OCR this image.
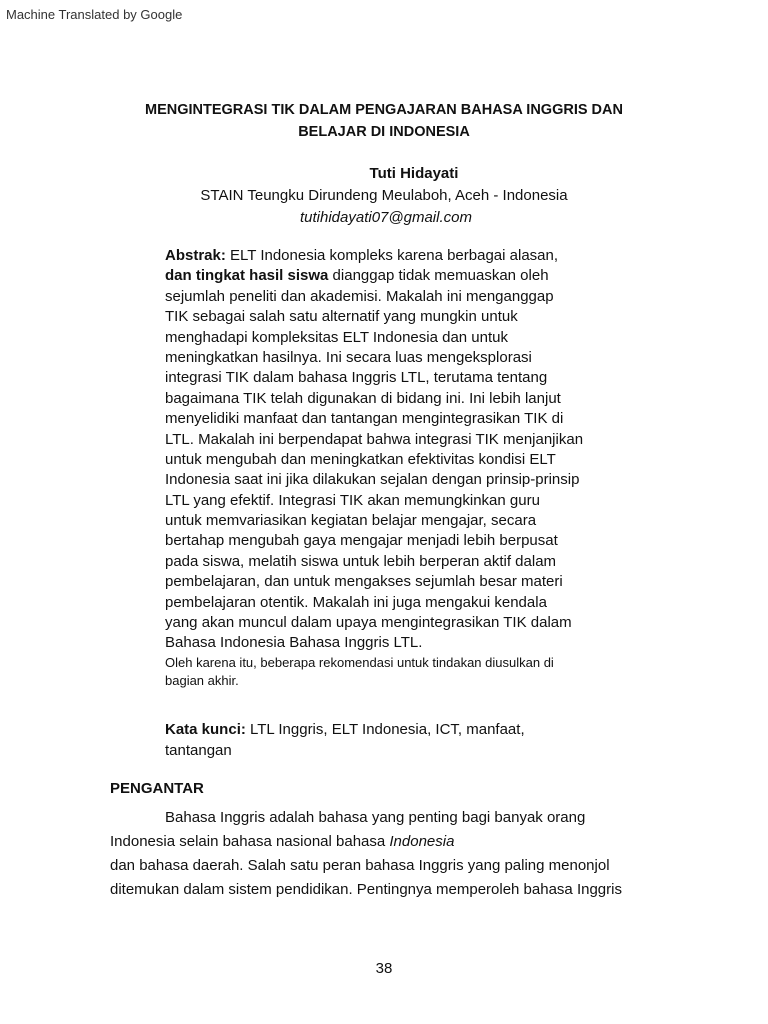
Machine Translated by Google
MENGINTEGRASI TIK DALAM PENGAJARAN BAHASA INGGRIS DAN
BELAJAR DI INDONESIA
Tuti Hidayati
STAIN Teungku Dirundeng Meulaboh, Aceh - Indonesia
tutihidayati07@gmail.com
Abstrak: ELT Indonesia kompleks karena berbagai alasan,
dan tingkat hasil siswa dianggap tidak memuaskan oleh
sejumlah peneliti dan akademisi. Makalah ini menganggap
TIK sebagai salah satu alternatif yang mungkin untuk
menghadapi kompleksitas ELT Indonesia dan untuk
meningkatkan hasilnya. Ini secara luas mengeksplorasi
integrasi TIK dalam bahasa Inggris LTL, terutama tentang
bagaimana TIK telah digunakan di bidang ini. Ini lebih lanjut
menyelidiki manfaat dan tantangan mengintegrasikan TIK di
LTL. Makalah ini berpendapat bahwa integrasi TIK menjanjikan
untuk mengubah dan meningkatkan efektivitas kondisi ELT
Indonesia saat ini jika dilakukan sejalan dengan prinsip-prinsip
LTL yang efektif. Integrasi TIK akan memungkinkan guru
untuk memvariasikan kegiatan belajar mengajar, secara
bertahap mengubah gaya mengajar menjadi lebih berpusat
pada siswa, melatih siswa untuk lebih berperan aktif dalam
pembelajaran, dan untuk mengakses sejumlah besar materi
pembelajaran otentik. Makalah ini juga mengakui kendala
yang akan muncul dalam upaya mengintegrasikan TIK dalam
Bahasa Indonesia Bahasa Inggris LTL.
Oleh karena itu, beberapa rekomendasi untuk tindakan diusulkan di
bagian akhir.
Kata kunci: LTL Inggris, ELT Indonesia, ICT, manfaat,
tantangan
PENGANTAR
Bahasa Inggris adalah bahasa yang penting bagi banyak orang
Indonesia selain bahasa nasional bahasa Indonesia
dan bahasa daerah. Salah satu peran bahasa Inggris yang paling menonjol
ditemukan dalam sistem pendidikan. Pentingnya memperoleh bahasa Inggris
38
